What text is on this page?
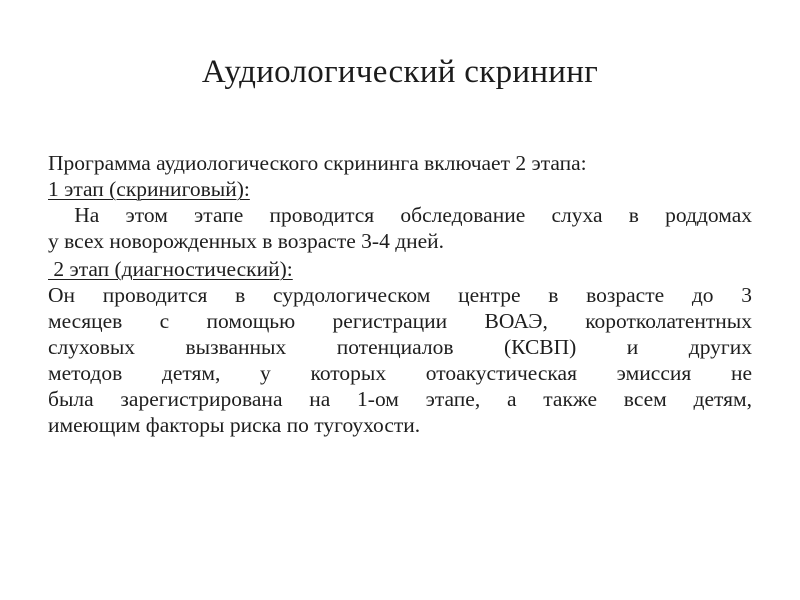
Аудиологический скрининг
Программа аудиологического скрининга включает 2 этапа:
1 этап (скриниговый):
На этом этапе проводится обследование слуха в роддомах
у всех новорожденных в возрасте 3-4 дней.
2 этап (диагностический):
Он проводится в сурдологическом центре в возрасте до 3
месяцев с помощью регистрации ВОАЭ, коротколатентных
слуховых вызванных потенциалов (КСВП) и других
методов детям, у которых отоакустическая эмиссия не
была зарегистрирована на 1-ом этапе, а также всем детям,
имеющим факторы риска по тугоухости.
